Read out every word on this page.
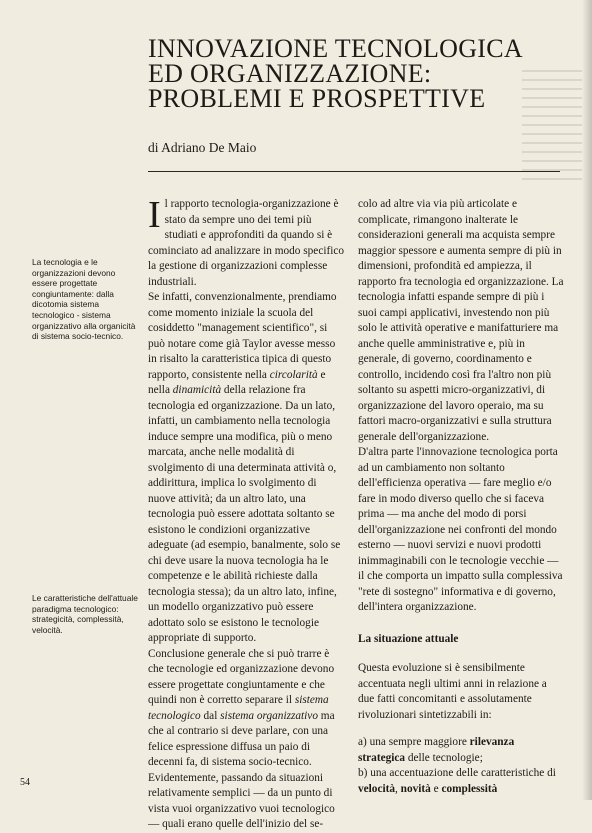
INNOVAZIONE TECNOLOGICA
ED ORGANIZZAZIONE:
PROBLEMI E PROSPETTIVE
di Adriano De Maio

La tecnologia e le organizzazioni devono essere progettate congiuntamente: dalla dicotomia sistema tecnologico - sistema organizzativo alla organicità di sistema socio-tecnico.

Le caratteristiche dell'attuale paradigma tecnologico: strategicità, complessità, velocità.

Il rapporto tecnologia-organizzazione è stato da sempre uno dei temi più studiati e approfonditi da quando si è cominciato ad analizzare in modo specifico la gestione di organizzazioni complesse industriali.

Se infatti, convenzionalmente, prendiamo come momento iniziale la scuola del cosiddetto "management scientifico", si può notare come già Taylor avesse messo in risalto la caratteristica tipica di questo rapporto, consistente nella circolarità e nella dinamicità della relazione fra tecnologia ed organizzazione. Da un lato, infatti, un cambiamento nella tecnologia induce sempre una modifica, più o meno marcata, anche nelle modalità di svolgimento di una determinata attività o, addirittura, implica lo svolgimento di nuove attività; da un altro lato, una tecnologia può essere adottata soltanto se esistono le condizioni organizzative adeguate (ad esempio, banalmente, solo se chi deve usare la nuova tecnologia ha le competenze e le abilità richieste dalla tecnologia stessa); da un altro lato, infine, un modello organizzativo può essere adottato solo se esistono le tecnologie appropriate di supporto.

Conclusione generale che si può trarre è che tecnologie ed organizzazione devono essere progettate congiuntamente e che quindi non è corretto separare il sistema tecnologico dal sistema organizzativo ma che al contrario si deve parlare, con una felice espressione diffusa un paio di decenni fa, di sistema socio-tecnico.

Evidentemente, passando da situazioni relativamente semplici — da un punto di vista vuoi organizzativo vuoi tecnologico — quali erano quelle dell'inizio del se-

colo ad altre via via più articolate e complicate, rimangono inalterate le considerazioni generali ma acquista sempre maggior spessore e aumenta sempre di più in dimensioni, profondità ed ampiezza, il rapporto fra tecnologia ed organizzazione. La tecnologia infatti espande sempre di più i suoi campi applicativi, investendo non più solo le attività operative e manifatturiere ma anche quelle amministrative e, più in generale, di governo, coordinamento e controllo, incidendo così fra l'altro non più soltanto su aspetti micro-organizzativi, di organizzazione del lavoro operaio, ma su fattori macro-organizzativi e sulla struttura generale dell'organizzazione.

D'altra parte l'innovazione tecnologica porta ad un cambiamento non soltanto dell'efficienza operativa — fare meglio e/o fare in modo diverso quello che si faceva prima — ma anche del modo di porsi dell'organizzazione nei confronti del mondo esterno — nuovi servizi e nuovi prodotti inimmaginabili con le tecnologie vecchie — il che comporta un impatto sulla complessiva "rete di sostegno" informativa e di governo, dell'intera organizzazione.

La situazione attuale

Questa evoluzione si è sensibilmente accentuata negli ultimi anni in relazione a due fatti concomitanti e assolutamente rivoluzionari sintetizzabili in:

a) una sempre maggiore rilevanza strategica delle tecnologie;

b) una accentuazione delle caratteristiche di velocità, novità e complessità

54
